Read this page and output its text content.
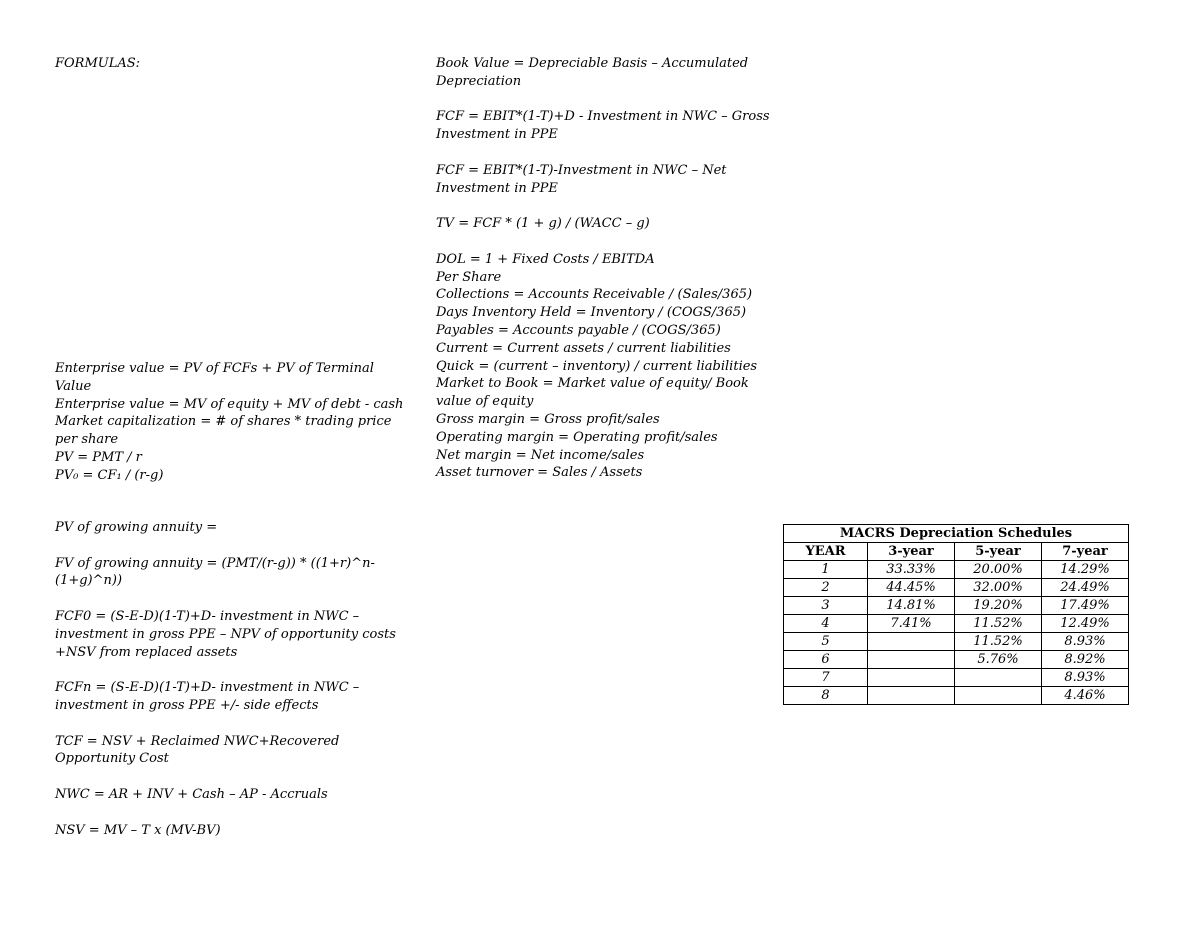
FORMULAS:
Enterprise value = PV of FCFs + PV of Terminal
Value
Enterprise value = MV of equity + MV of debt - cash
Market capitalization = # of shares * trading price
per share
PV = PMT / r
PV₀ = CF₁ / (r-g)
PV of growing annuity =
FV of growing annuity = (PMT/(r-g)) * ((1+r)^n-
(1+g)^n))
FCF0 = (S-E-D)(1-T)+D- investment in NWC –
investment in gross PPE – NPV of opportunity costs
+NSV from replaced assets
FCFn = (S-E-D)(1-T)+D- investment in NWC –
investment in gross PPE +/- side effects
TCF = NSV + Reclaimed NWC+Recovered
Opportunity Cost
NWC = AR + INV + Cash – AP - Accruals
NSV = MV – T x (MV-BV)
Book Value = Depreciable Basis – Accumulated
Depreciation
FCF = EBIT*(1-T)+D - Investment in NWC – Gross
Investment in PPE
FCF = EBIT*(1-T)-Investment in NWC – Net
Investment in PPE
TV = FCF * (1 + g) / (WACC – g)
DOL = 1 + Fixed Costs / EBITDA
Per Share
Collections = Accounts Receivable / (Sales/365)
Days Inventory Held = Inventory / (COGS/365)
Payables = Accounts payable / (COGS/365)
Current = Current assets / current liabilities
Quick = (current – inventory) / current liabilities
Market to Book = Market value of equity/ Book
value of equity
Gross margin = Gross profit/sales
Operating margin = Operating profit/sales
Net margin = Net income/sales
Asset turnover = Sales / Assets
MACRS Depreciation Schedules			
YEAR	3-year	5-year	7-year
1	33.33%	20.00%	14.29%
2	44.45%	32.00%	24.49%
3	14.81%	19.20%	17.49%
4	7.41%	11.52%	12.49%
5		11.52%	8.93%
6		5.76%	8.92%
7			8.93%
8			4.46%
